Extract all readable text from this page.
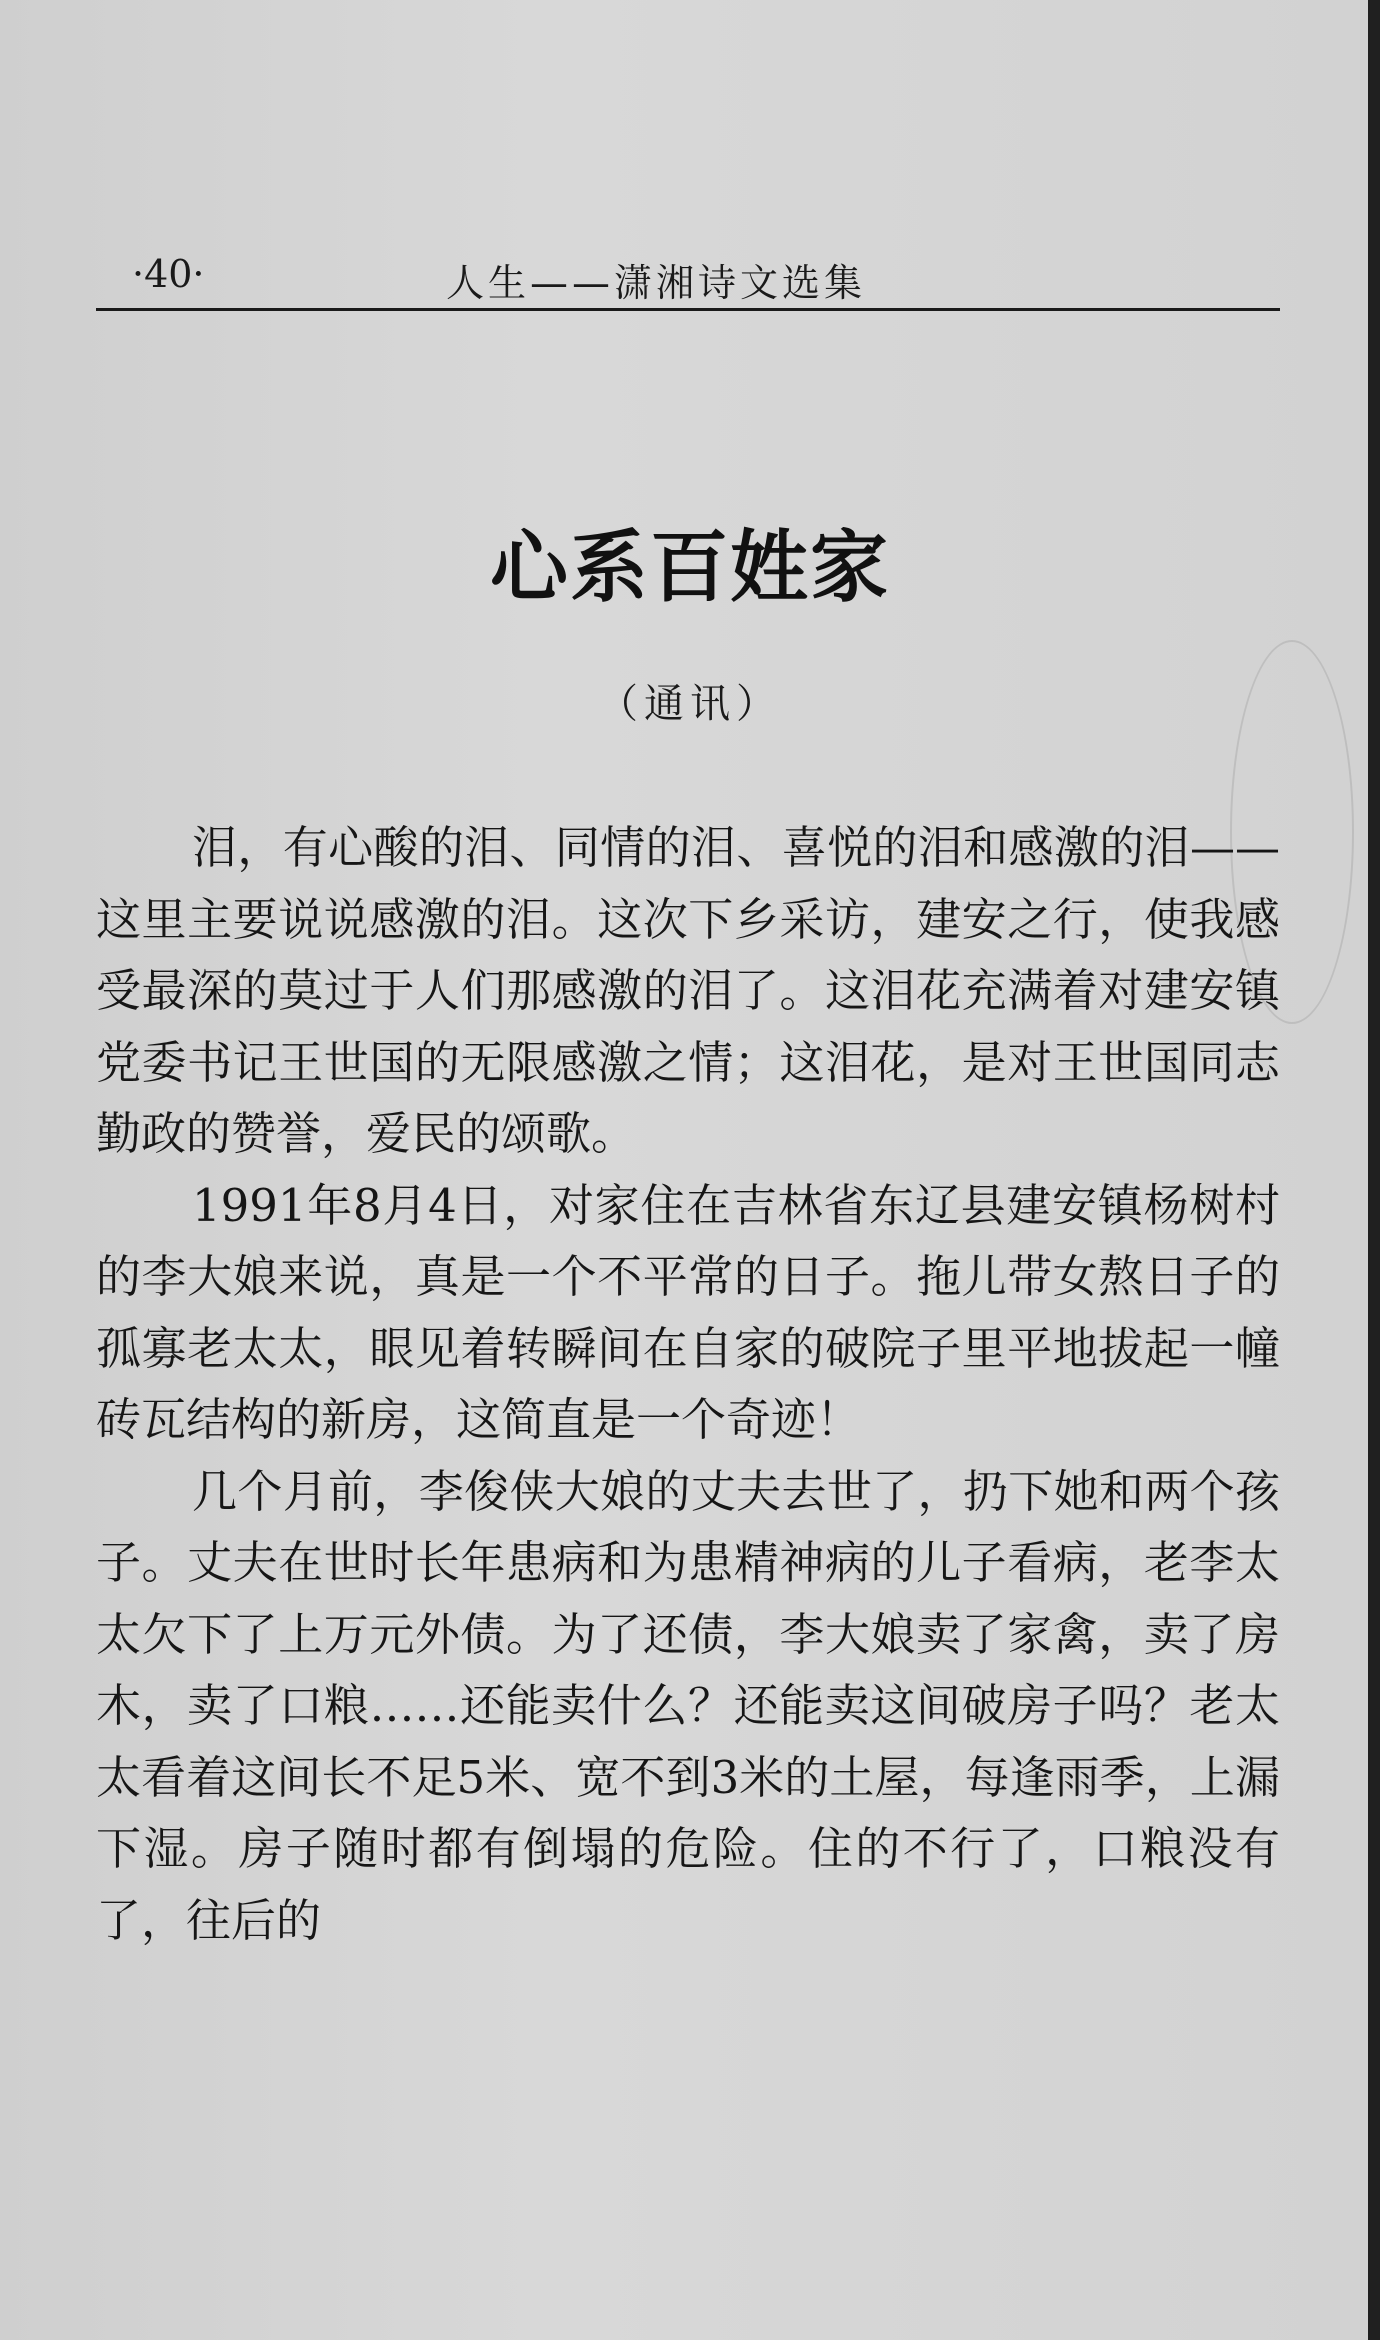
·40·	人生——潇湘诗文选集
心系百姓家
（通讯）

泪，有心酸的泪、同情的泪、喜悦的泪和感激的泪——这里主要说说感激的泪。这次下乡采访，建安之行，使我感受最深的莫过于人们那感激的泪了。这泪花充满着对建安镇党委书记王世国的无限感激之情；这泪花，是对王世国同志勤政的赞誉，爱民的颂歌。

1991年8月4日，对家住在吉林省东辽县建安镇杨树村的李大娘来说，真是一个不平常的日子。拖儿带女熬日子的孤寡老太太，眼见着转瞬间在自家的破院子里平地拔起一幢砖瓦结构的新房，这简直是一个奇迹！

几个月前，李俊侠大娘的丈夫去世了，扔下她和两个孩子。丈夫在世时长年患病和为患精神病的儿子看病，老李太太欠下了上万元外债。为了还债，李大娘卖了家禽，卖了房木，卖了口粮……还能卖什么？还能卖这间破房子吗？老太太看着这间长不足5米、宽不到3米的土屋，每逢雨季，上漏下湿。房子随时都有倒塌的危险。住的不行了，口粮没有了，往后的
